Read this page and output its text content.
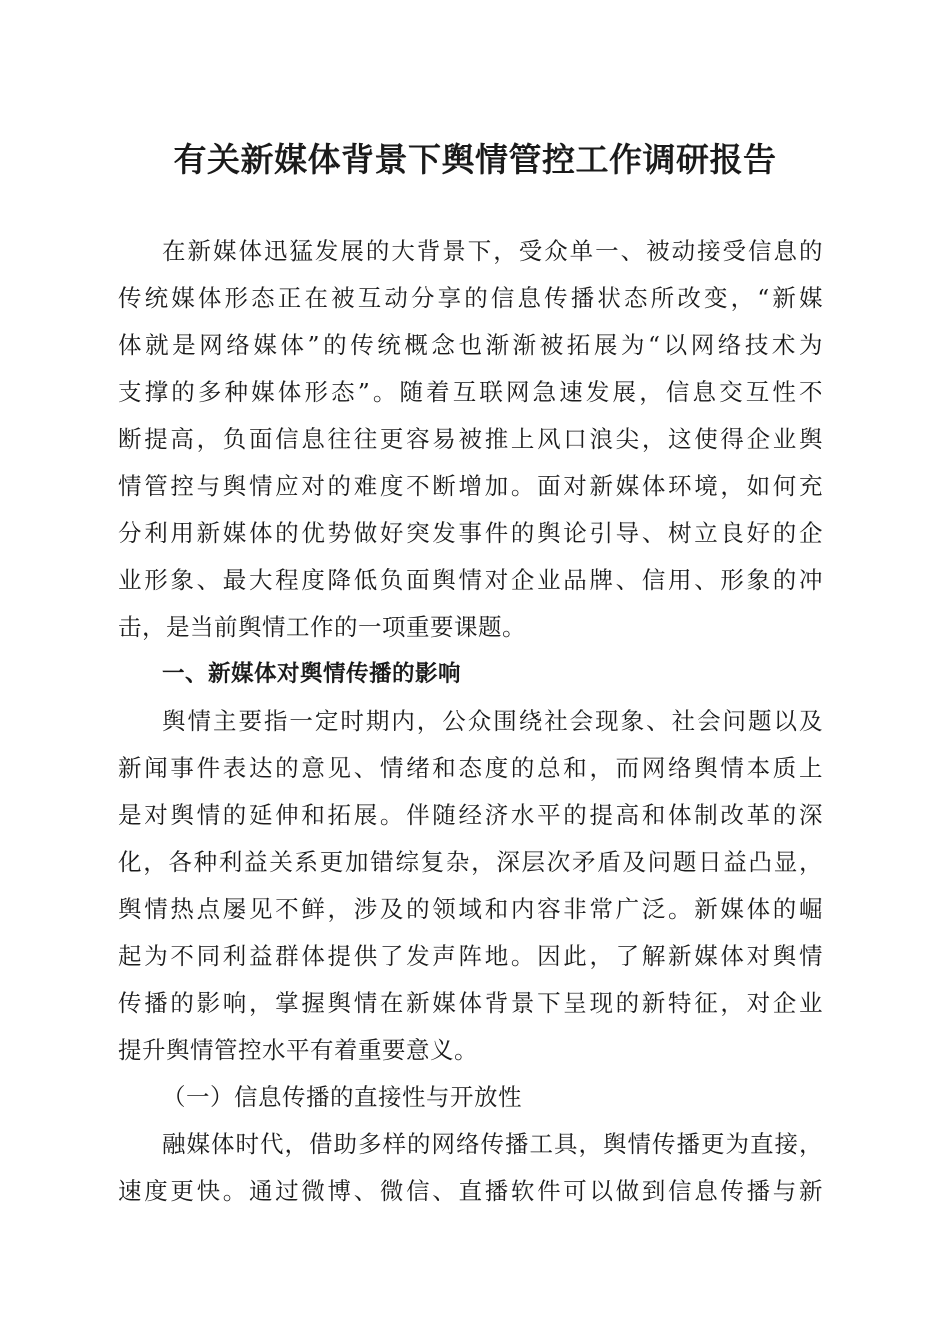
有关新媒体背景下舆情管控工作调研报告
在新媒体迅猛发展的大背景下，受众单一、被动接受信息的
传统媒体形态正在被互动分享的信息传播状态所改变，“新媒
体就是网络媒体”的传统概念也渐渐被拓展为“以网络技术为
支撑的多种媒体形态”。随着互联网急速发展，信息交互性不
断提高，负面信息往往更容易被推上风口浪尖，这使得企业舆
情管控与舆情应对的难度不断增加。面对新媒体环境，如何充
分利用新媒体的优势做好突发事件的舆论引导、树立良好的企
业形象、最大程度降低负面舆情对企业品牌、信用、形象的冲
击，是当前舆情工作的一项重要课题。
一、新媒体对舆情传播的影响
舆情主要指一定时期内，公众围绕社会现象、社会问题以及
新闻事件表达的意见、情绪和态度的总和，而网络舆情本质上
是对舆情的延伸和拓展。伴随经济水平的提高和体制改革的深
化，各种利益关系更加错综复杂，深层次矛盾及问题日益凸显，
舆情热点屡见不鲜，涉及的领域和内容非常广泛。新媒体的崛
起为不同利益群体提供了发声阵地。因此，了解新媒体对舆情
传播的影响，掌握舆情在新媒体背景下呈现的新特征，对企业
提升舆情管控水平有着重要意义。
（一）信息传播的直接性与开放性
融媒体时代，借助多样的网络传播工具，舆情传播更为直接，
速度更快。通过微博、微信、直播软件可以做到信息传播与新
